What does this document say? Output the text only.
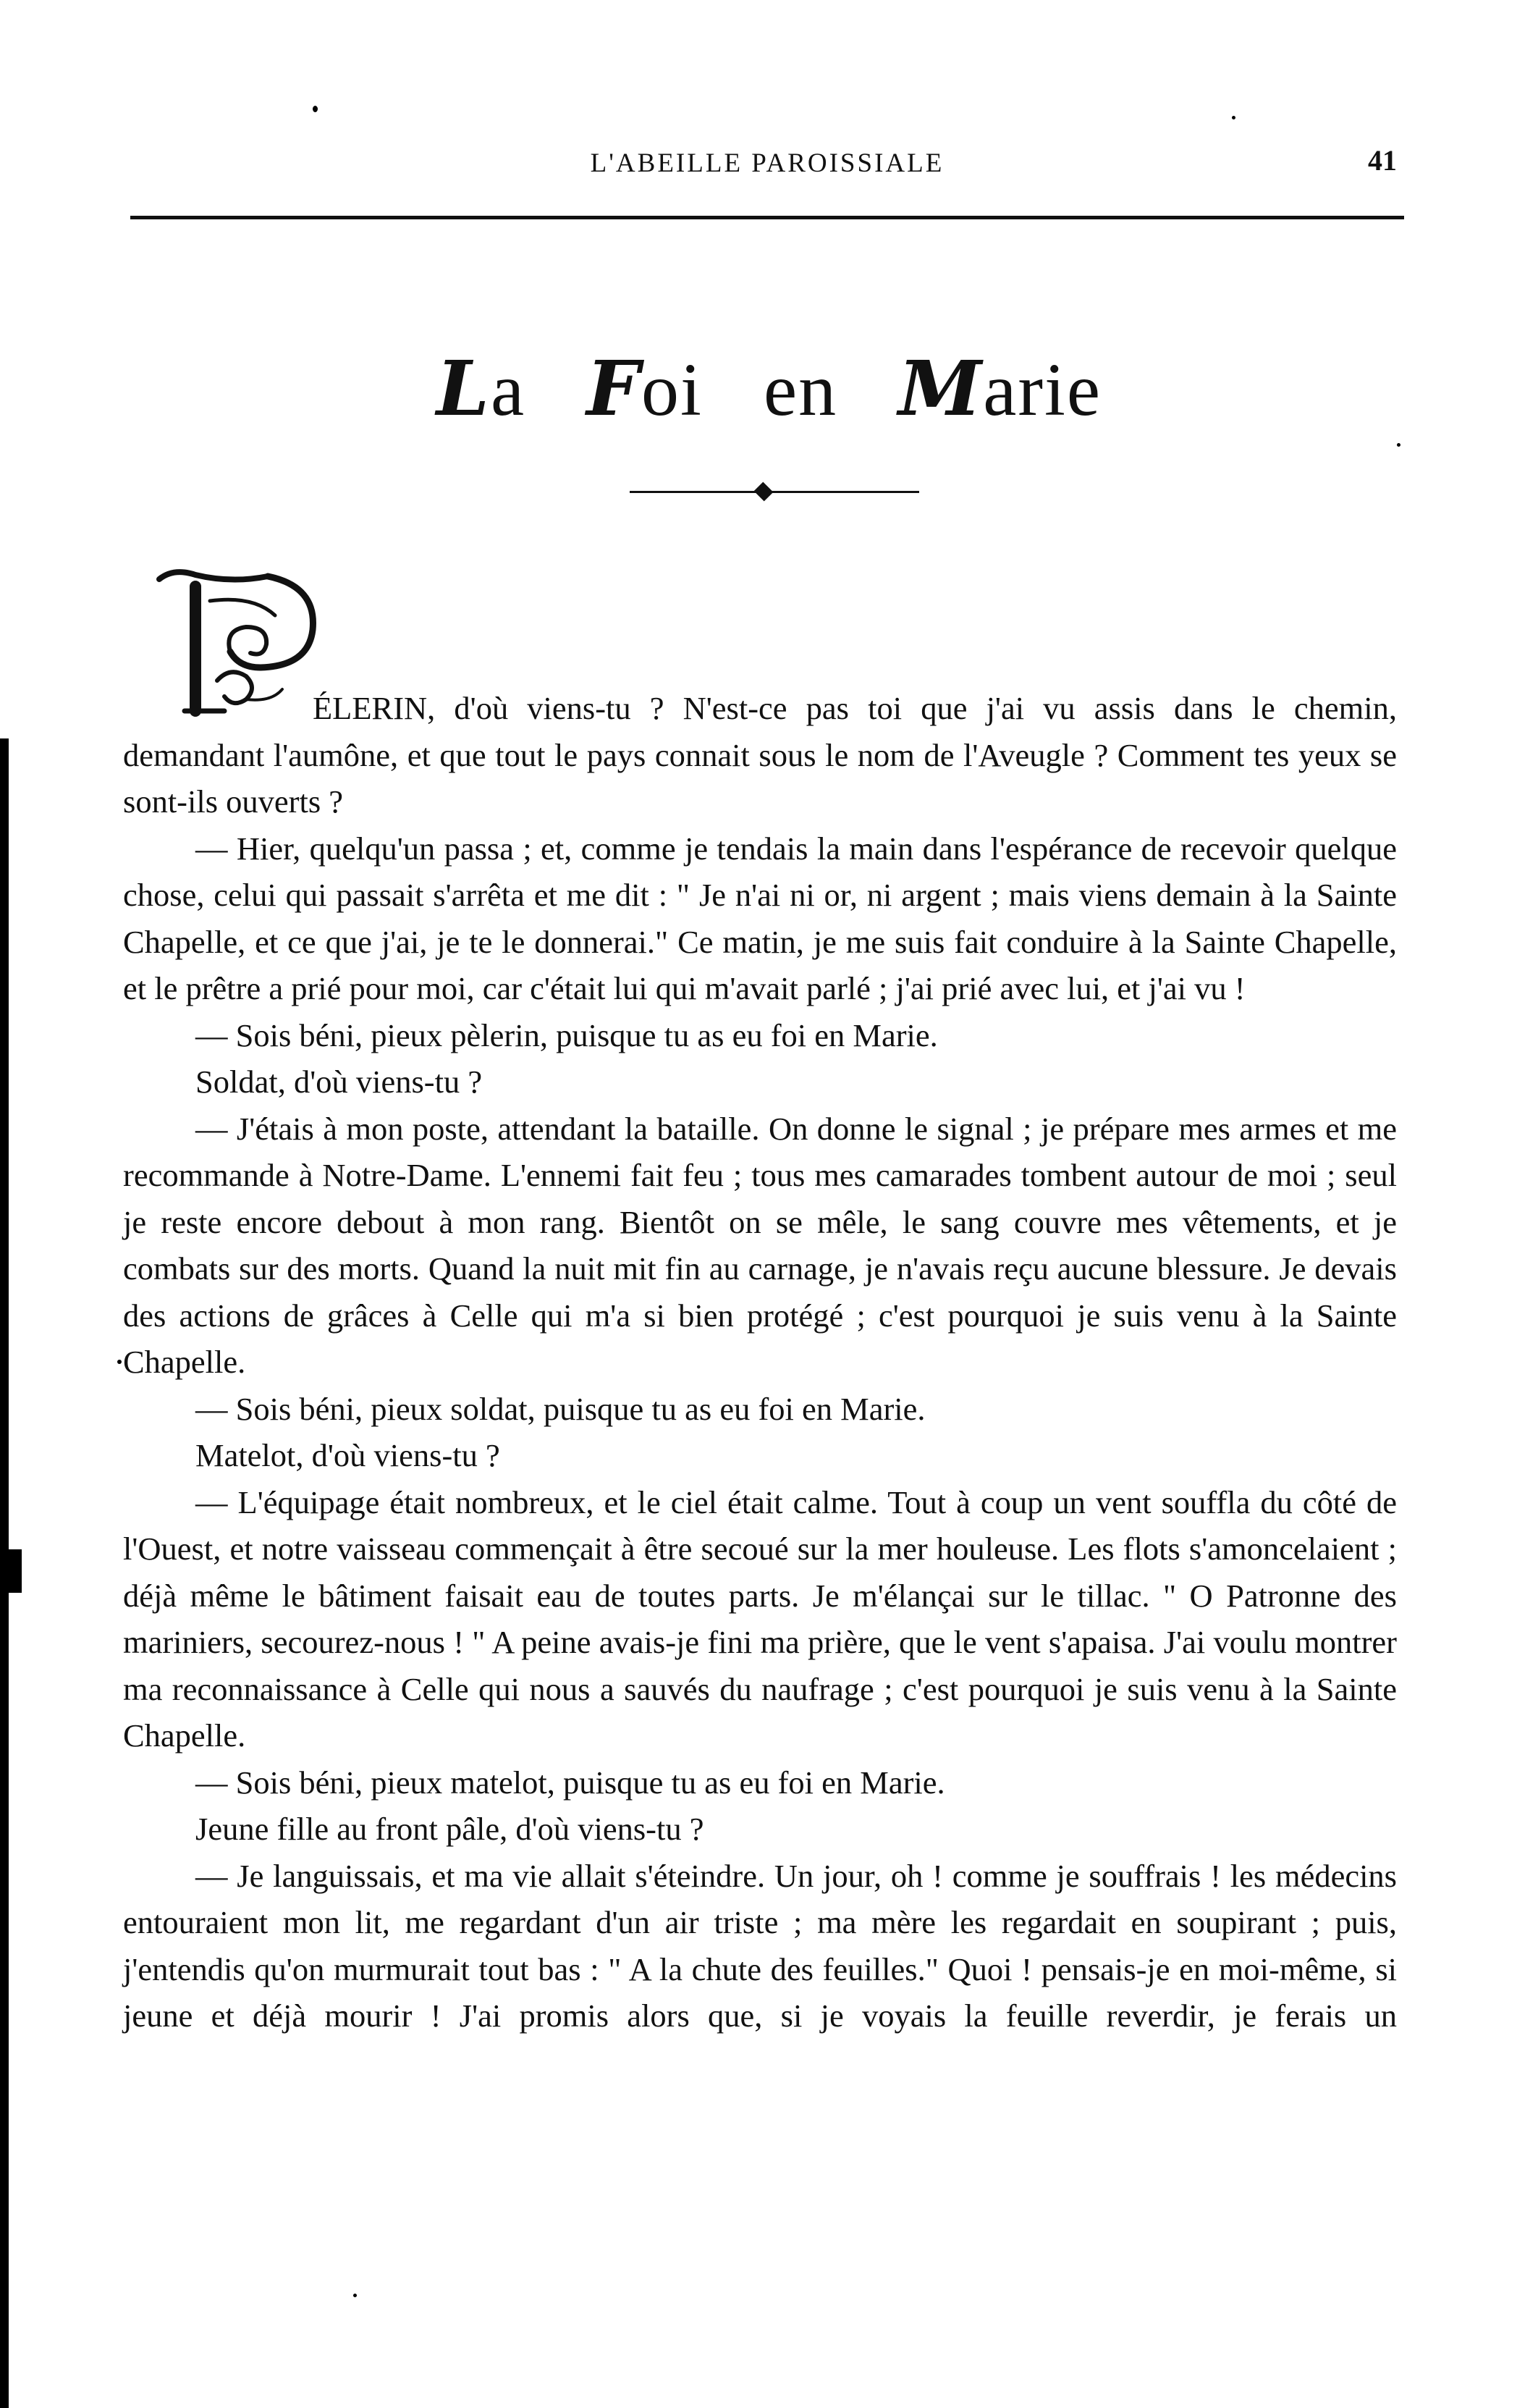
L'ABEILLE PAROISSIALE	41
La Foi en Marie

ÉLERIN, d'où viens-tu ? N'est-ce pas toi que j'ai vu assis dans le chemin, demandant l'aumône, et que tout le pays connait sous le nom de l'Aveugle ? Comment tes yeux se sont-ils ouverts ?

— Hier, quelqu'un passa ; et, comme je tendais la main dans l'espérance de recevoir quelque chose, celui qui passait s'arrêta et me dit : " Je n'ai ni or, ni argent ; mais viens demain à la Sainte Chapelle, et ce que j'ai, je te le donnerai." Ce matin, je me suis fait conduire à la Sainte Chapelle, et le prêtre a prié pour moi, car c'était lui qui m'avait parlé ; j'ai prié avec lui, et j'ai vu !

— Sois béni, pieux pèlerin, puisque tu as eu foi en Marie.

Soldat, d'où viens-tu ?

— J'étais à mon poste, attendant la bataille. On donne le signal ; je prépare mes armes et me recommande à Notre-Dame. L'ennemi fait feu ; tous mes camarades tombent autour de moi ; seul je reste encore debout à mon rang. Bientôt on se mêle, le sang couvre mes vêtements, et je combats sur des morts. Quand la nuit mit fin au carnage, je n'avais reçu aucune blessure. Je devais des actions de grâces à Celle qui m'a si bien protégé ; c'est pourquoi je suis venu à la Sainte Chapelle.

— Sois béni, pieux soldat, puisque tu as eu foi en Marie.

Matelot, d'où viens-tu ?

— L'équipage était nombreux, et le ciel était calme. Tout à coup un vent souffla du côté de l'Ouest, et notre vaisseau commençait à être secoué sur la mer houleuse. Les flots s'amoncelaient ; déjà même le bâtiment faisait eau de toutes parts. Je m'élançai sur le tillac. " O Patronne des mariniers, secourez-nous ! " A peine avais-je fini ma prière, que le vent s'apaisa. J'ai voulu montrer ma reconnaissance à Celle qui nous a sauvés du naufrage ; c'est pourquoi je suis venu à la Sainte Chapelle.

— Sois béni, pieux matelot, puisque tu as eu foi en Marie.

Jeune fille au front pâle, d'où viens-tu ?

— Je languissais, et ma vie allait s'éteindre. Un jour, oh ! comme je souffrais ! les médecins entouraient mon lit, me regardant d'un air triste ; ma mère les regardait en soupirant ; puis, j'entendis qu'on murmurait tout bas : " A la chute des feuilles." Quoi ! pensais-je en moi-même, si jeune et déjà mourir ! J'ai promis alors que, si je voyais la feuille reverdir, je ferais un
